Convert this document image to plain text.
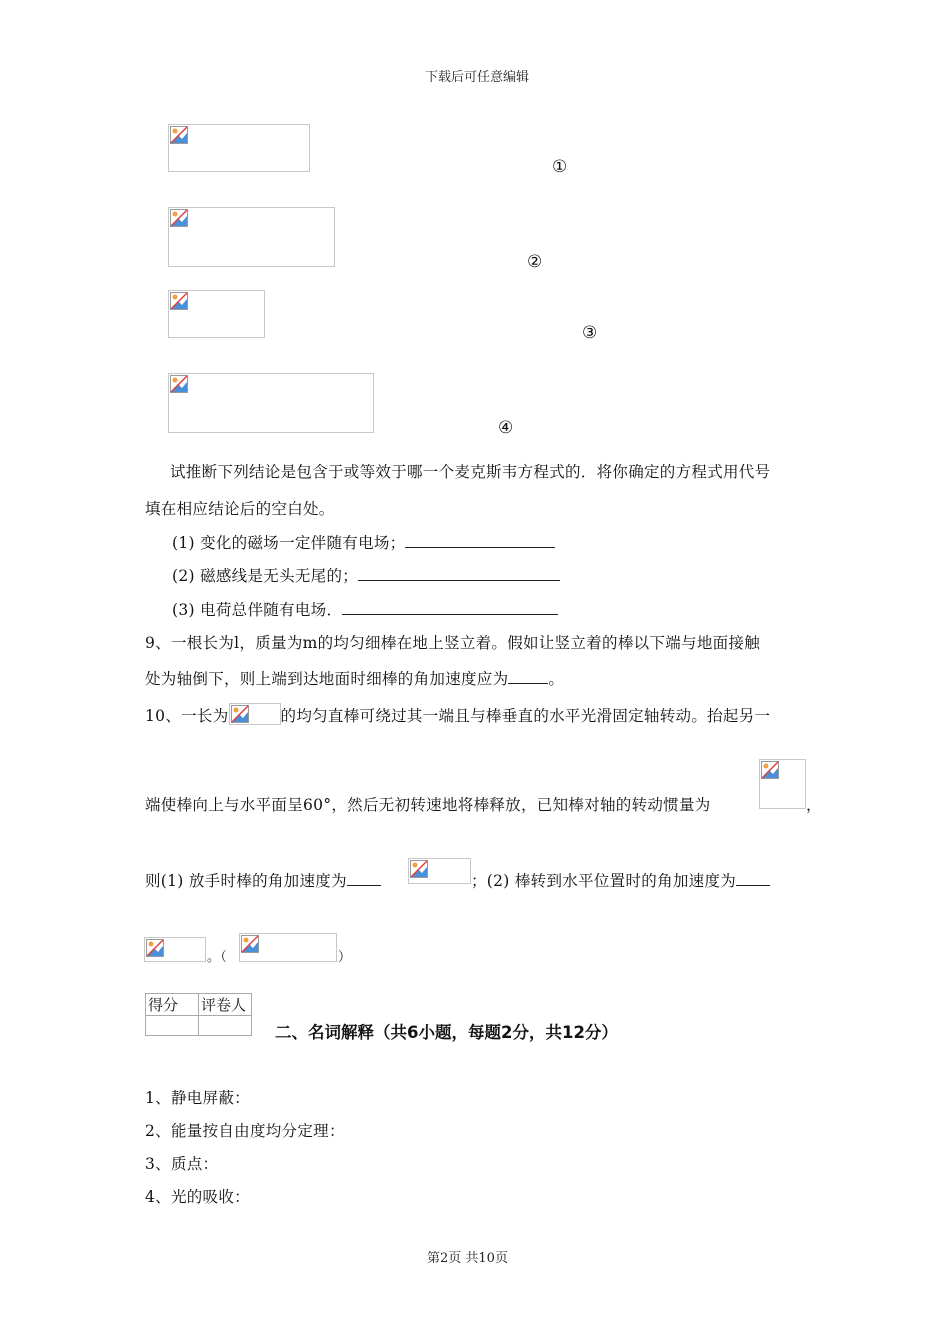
下载后可任意编辑
①
②
③
④
试推断下列结论是包含于或等效于哪一个麦克斯韦方程式的．将你确定的方程式用代号
填在相应结论后的空白处。
(1) 变化的磁场一定伴随有电场；
(2) 磁感线是无头无尾的；
(3) 电荷总伴随有电场．
9、一根长为l，质量为m的均匀细棒在地上竖立着。假如让竖立着的棒以下端与地面接触
处为轴倒下，则上端到达地面时细棒的角加速度应为	。
10、一长为	的均匀直棒可绕过其一端且与棒垂直的水平光滑固定轴转动。抬起另一
端使棒向上与水平面呈60°，然后无初转速地将棒释放，已知棒对轴的转动惯量为	，
则(1) 放手时棒的角加速度为	；(2) 棒转到水平位置时的角加速度为
。（	）
得分	评卷人

二、名词解释（共6小题，每题2分，共12分）
1、静电屏蔽：
2、能量按自由度均分定理：
3、质点：
4、光的吸收：
第2页 共10页
